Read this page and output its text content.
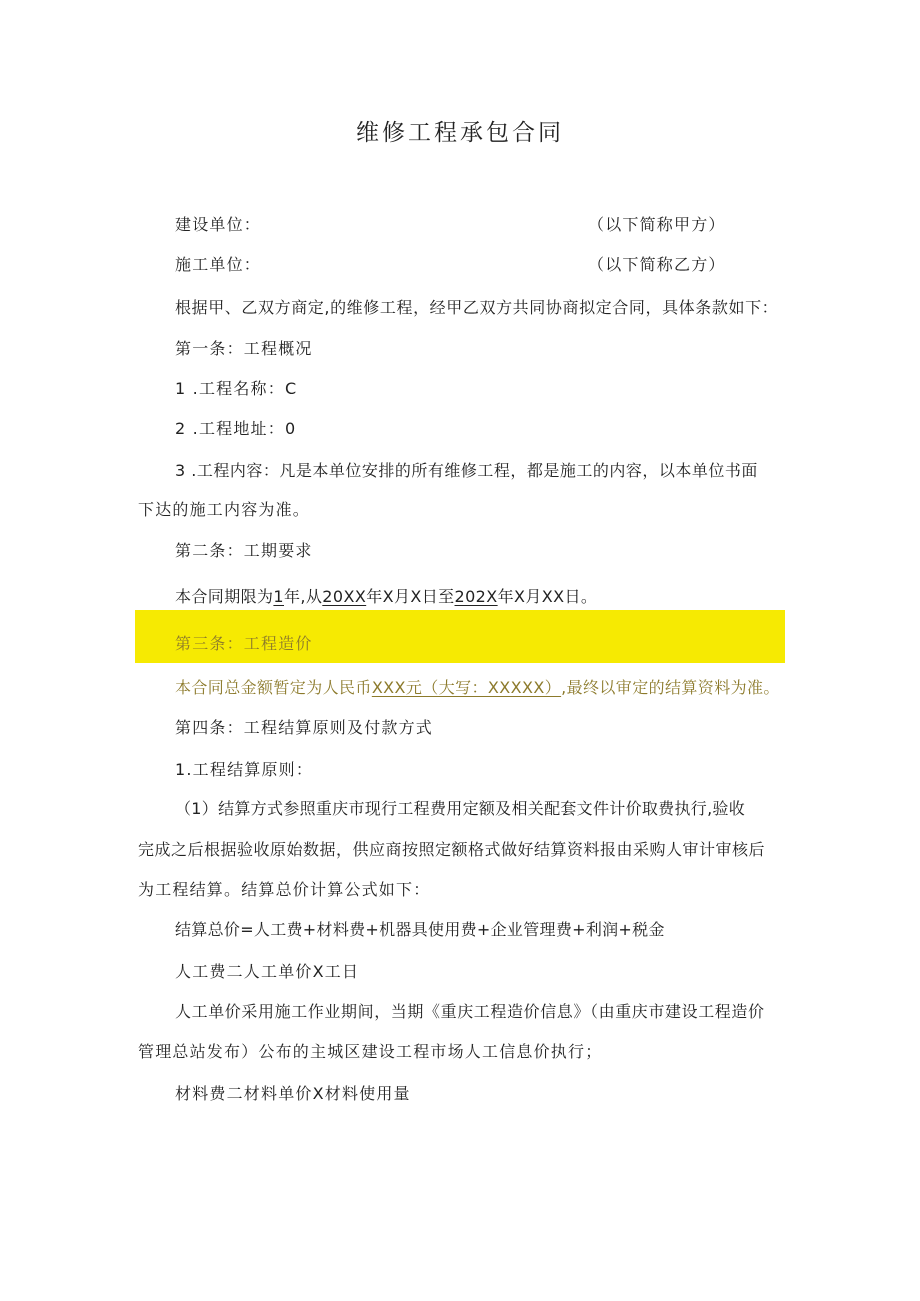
维修工程承包合同
建设单位：	（以下简称甲方）
施工单位：	（以下简称乙方）
根据甲、乙双方商定,的维修工程，经甲乙双方共同协商拟定合同，具体条款如下：
第一条：工程概况
1 .工程名称：C
2 .工程地址：0
3 .工程内容：凡是本单位安排的所有维修工程，都是施工的内容，以本单位书面
下达的施工内容为准。
第二条：工期要求
本合同期限为1年,从20XX年X月X日至202X年X月XX日。
第三条：工程造价
本合同总金额暂定为人民币XXX元（大写：XXXXX）,最终以审定的结算资料为准。
第四条：工程结算原则及付款方式
1.工程结算原则：
（1）结算方式参照重庆市现行工程费用定额及相关配套文件计价取费执行,验收
完成之后根据验收原始数据，供应商按照定额格式做好结算资料报由采购人审计审核后
为工程结算。结算总价计算公式如下：
结算总价=人工费+材料费+机器具使用费+企业管理费+利润+税金
人工费二人工单价X工日
人工单价采用施工作业期间，当期《重庆工程造价信息》（由重庆市建设工程造价
管理总站发布）公布的主城区建设工程市场人工信息价执行；
材料费二材料单价X材料使用量
